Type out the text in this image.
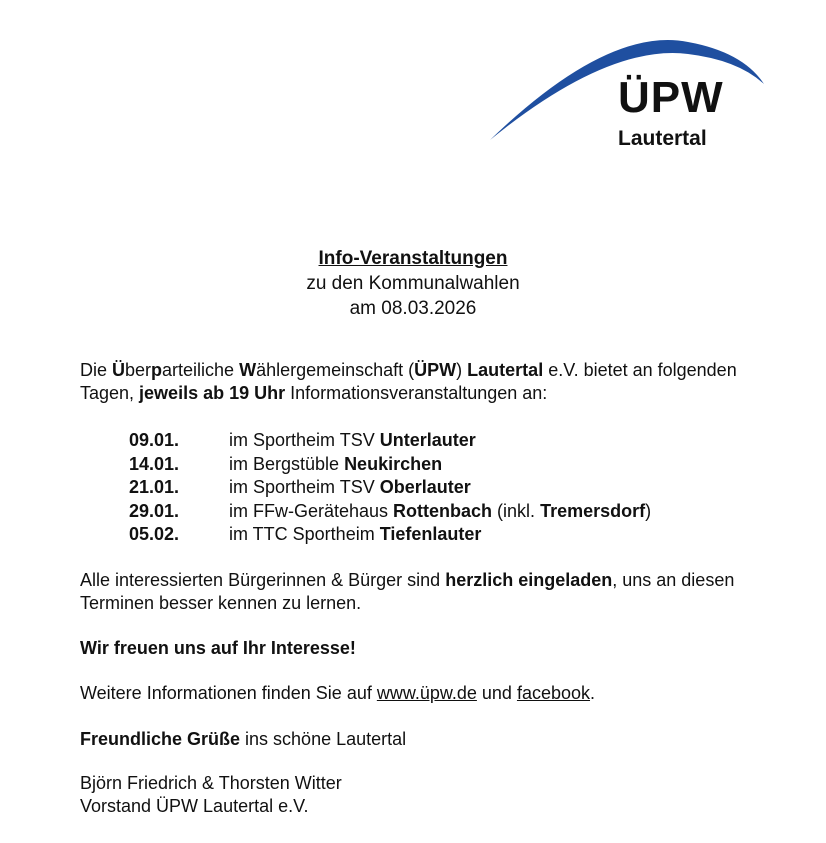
ÜPW
Lautertal
Info-Veranstaltungen
zu den Kommunalwahlen
am 08.03.2026
Die Überparteiliche Wählergemeinschaft (ÜPW) Lautertal e.V. bietet an folgenden Tagen, jeweils ab 19 Uhr Informationsveranstaltungen an:
09.01.	im Sportheim TSV Unterlauter
14.01.	im Bergstüble Neukirchen
21.01.	im Sportheim TSV Oberlauter
29.01.	im FFw-Gerätehaus Rottenbach (inkl. Tremersdorf)
05.02.	im TTC Sportheim Tiefenlauter
Alle interessierten Bürgerinnen & Bürger sind herzlich eingeladen, uns an diesen Terminen besser kennen zu lernen.
Wir freuen uns auf Ihr Interesse!
Weitere Informationen finden Sie auf www.üpw.de und facebook.
Freundliche Grüße ins schöne Lautertal
Björn Friedrich & Thorsten Witter
Vorstand ÜPW Lautertal e.V.
